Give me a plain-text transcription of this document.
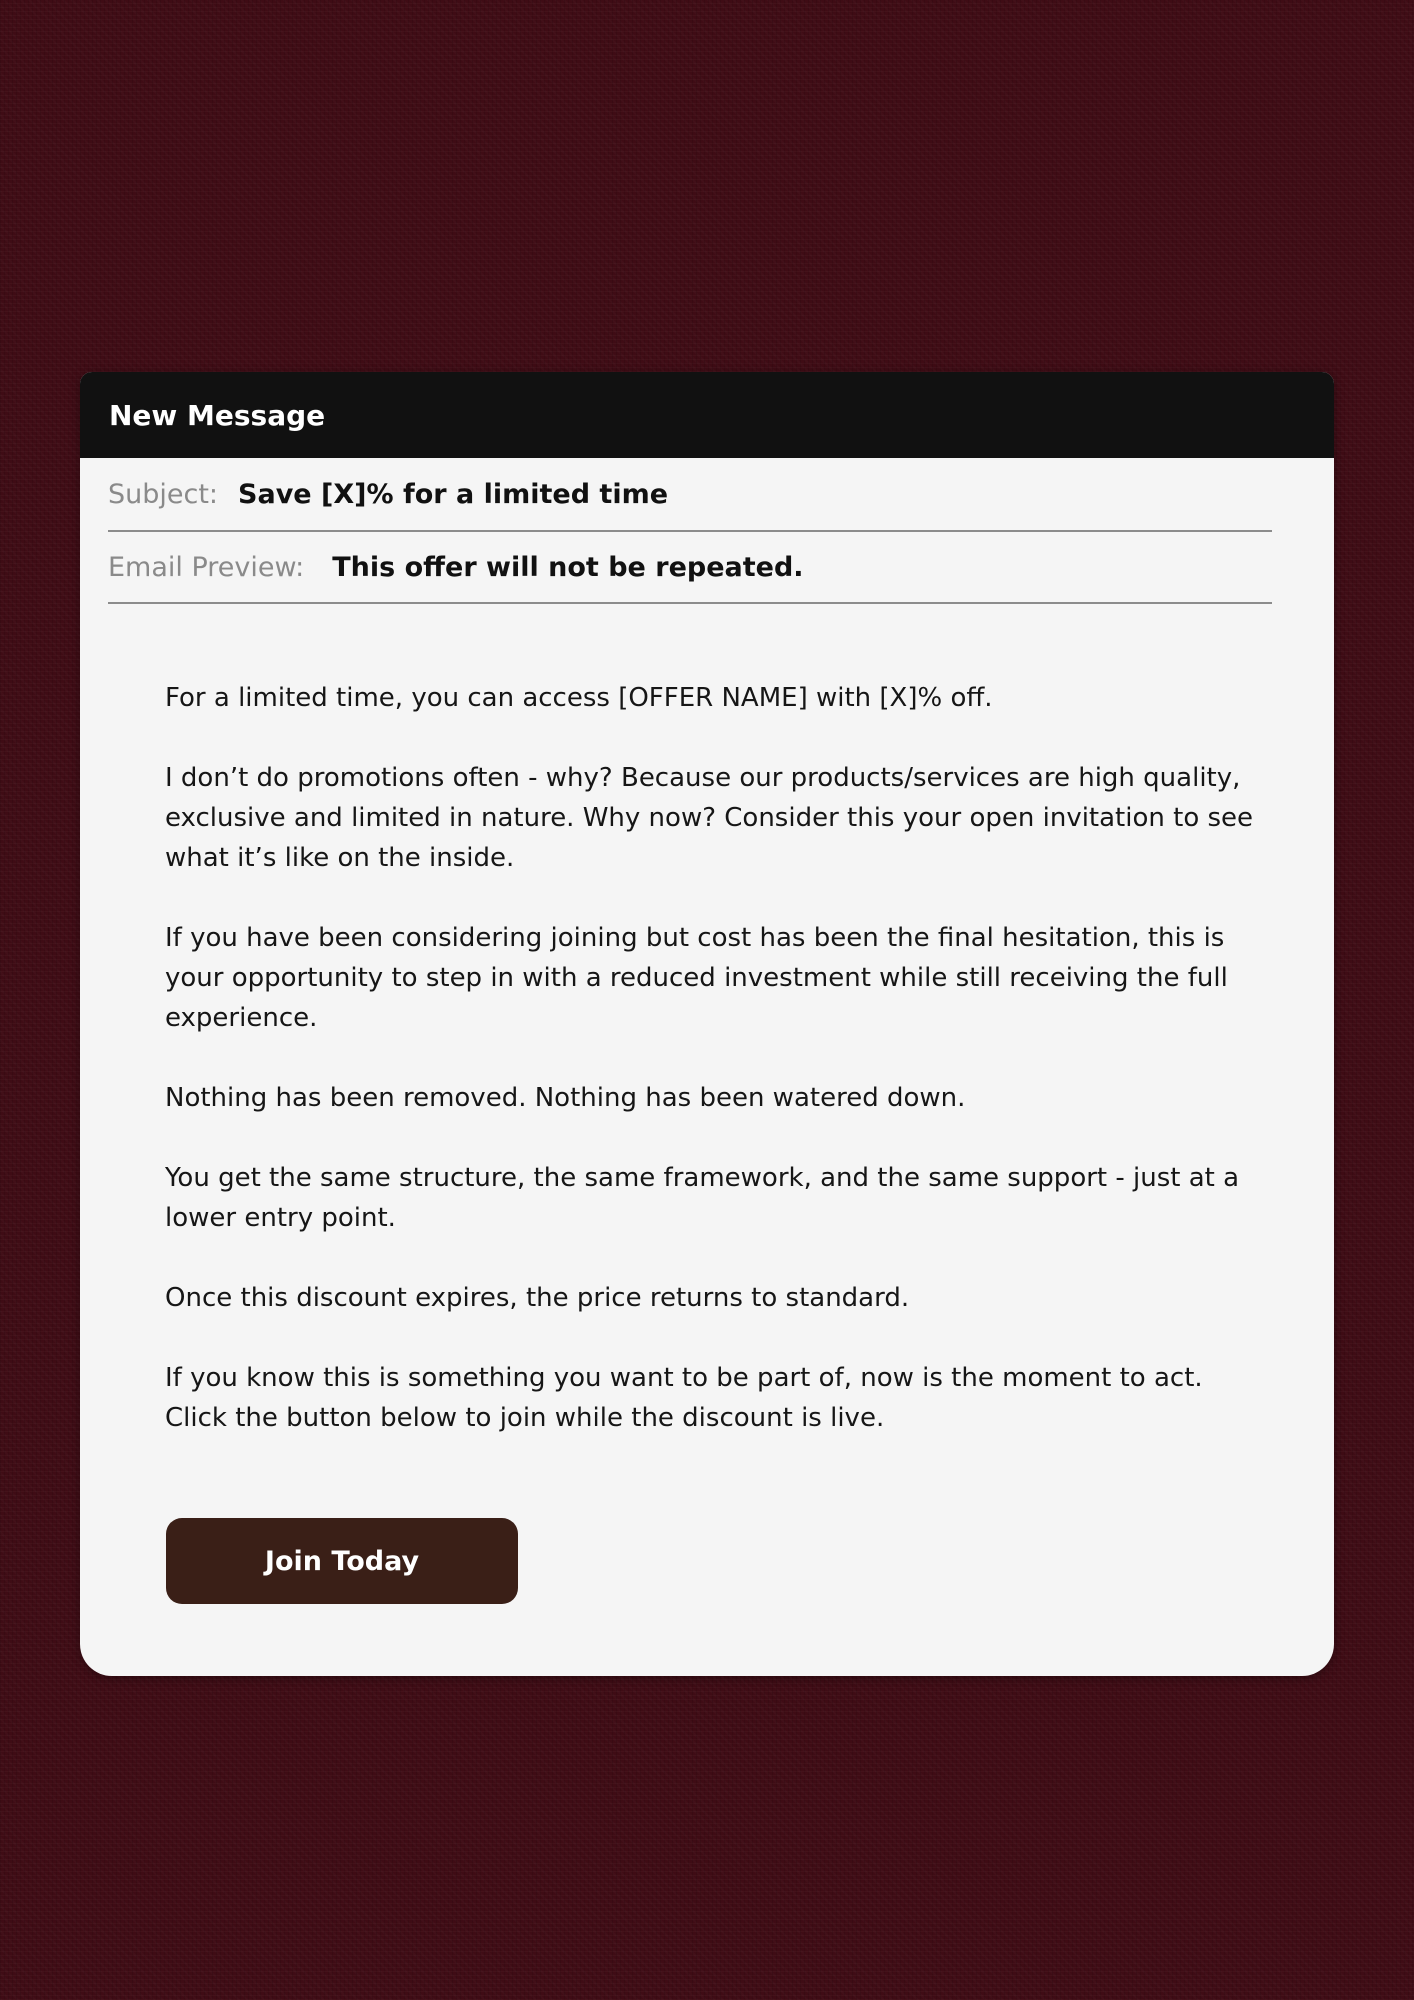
New Message
Subject: Save [X]% for a limited time
Email Preview: This offer will not be repeated.

For a limited time, you can access [OFFER NAME] with [X]% off.

I don’t do promotions often - why? Because our products/services are high quality, exclusive and limited in nature. Why now? Consider this your open invitation to see what it’s like on the inside.

If you have been considering joining but cost has been the final hesitation, this is your opportunity to step in with a reduced investment while still receiving the full experience.

Nothing has been removed. Nothing has been watered down.

You get the same structure, the same framework, and the same support - just at a lower entry point.

Once this discount expires, the price returns to standard.

If you know this is something you want to be part of, now is the moment to act. Click the button below to join while the discount is live.

Join Today
